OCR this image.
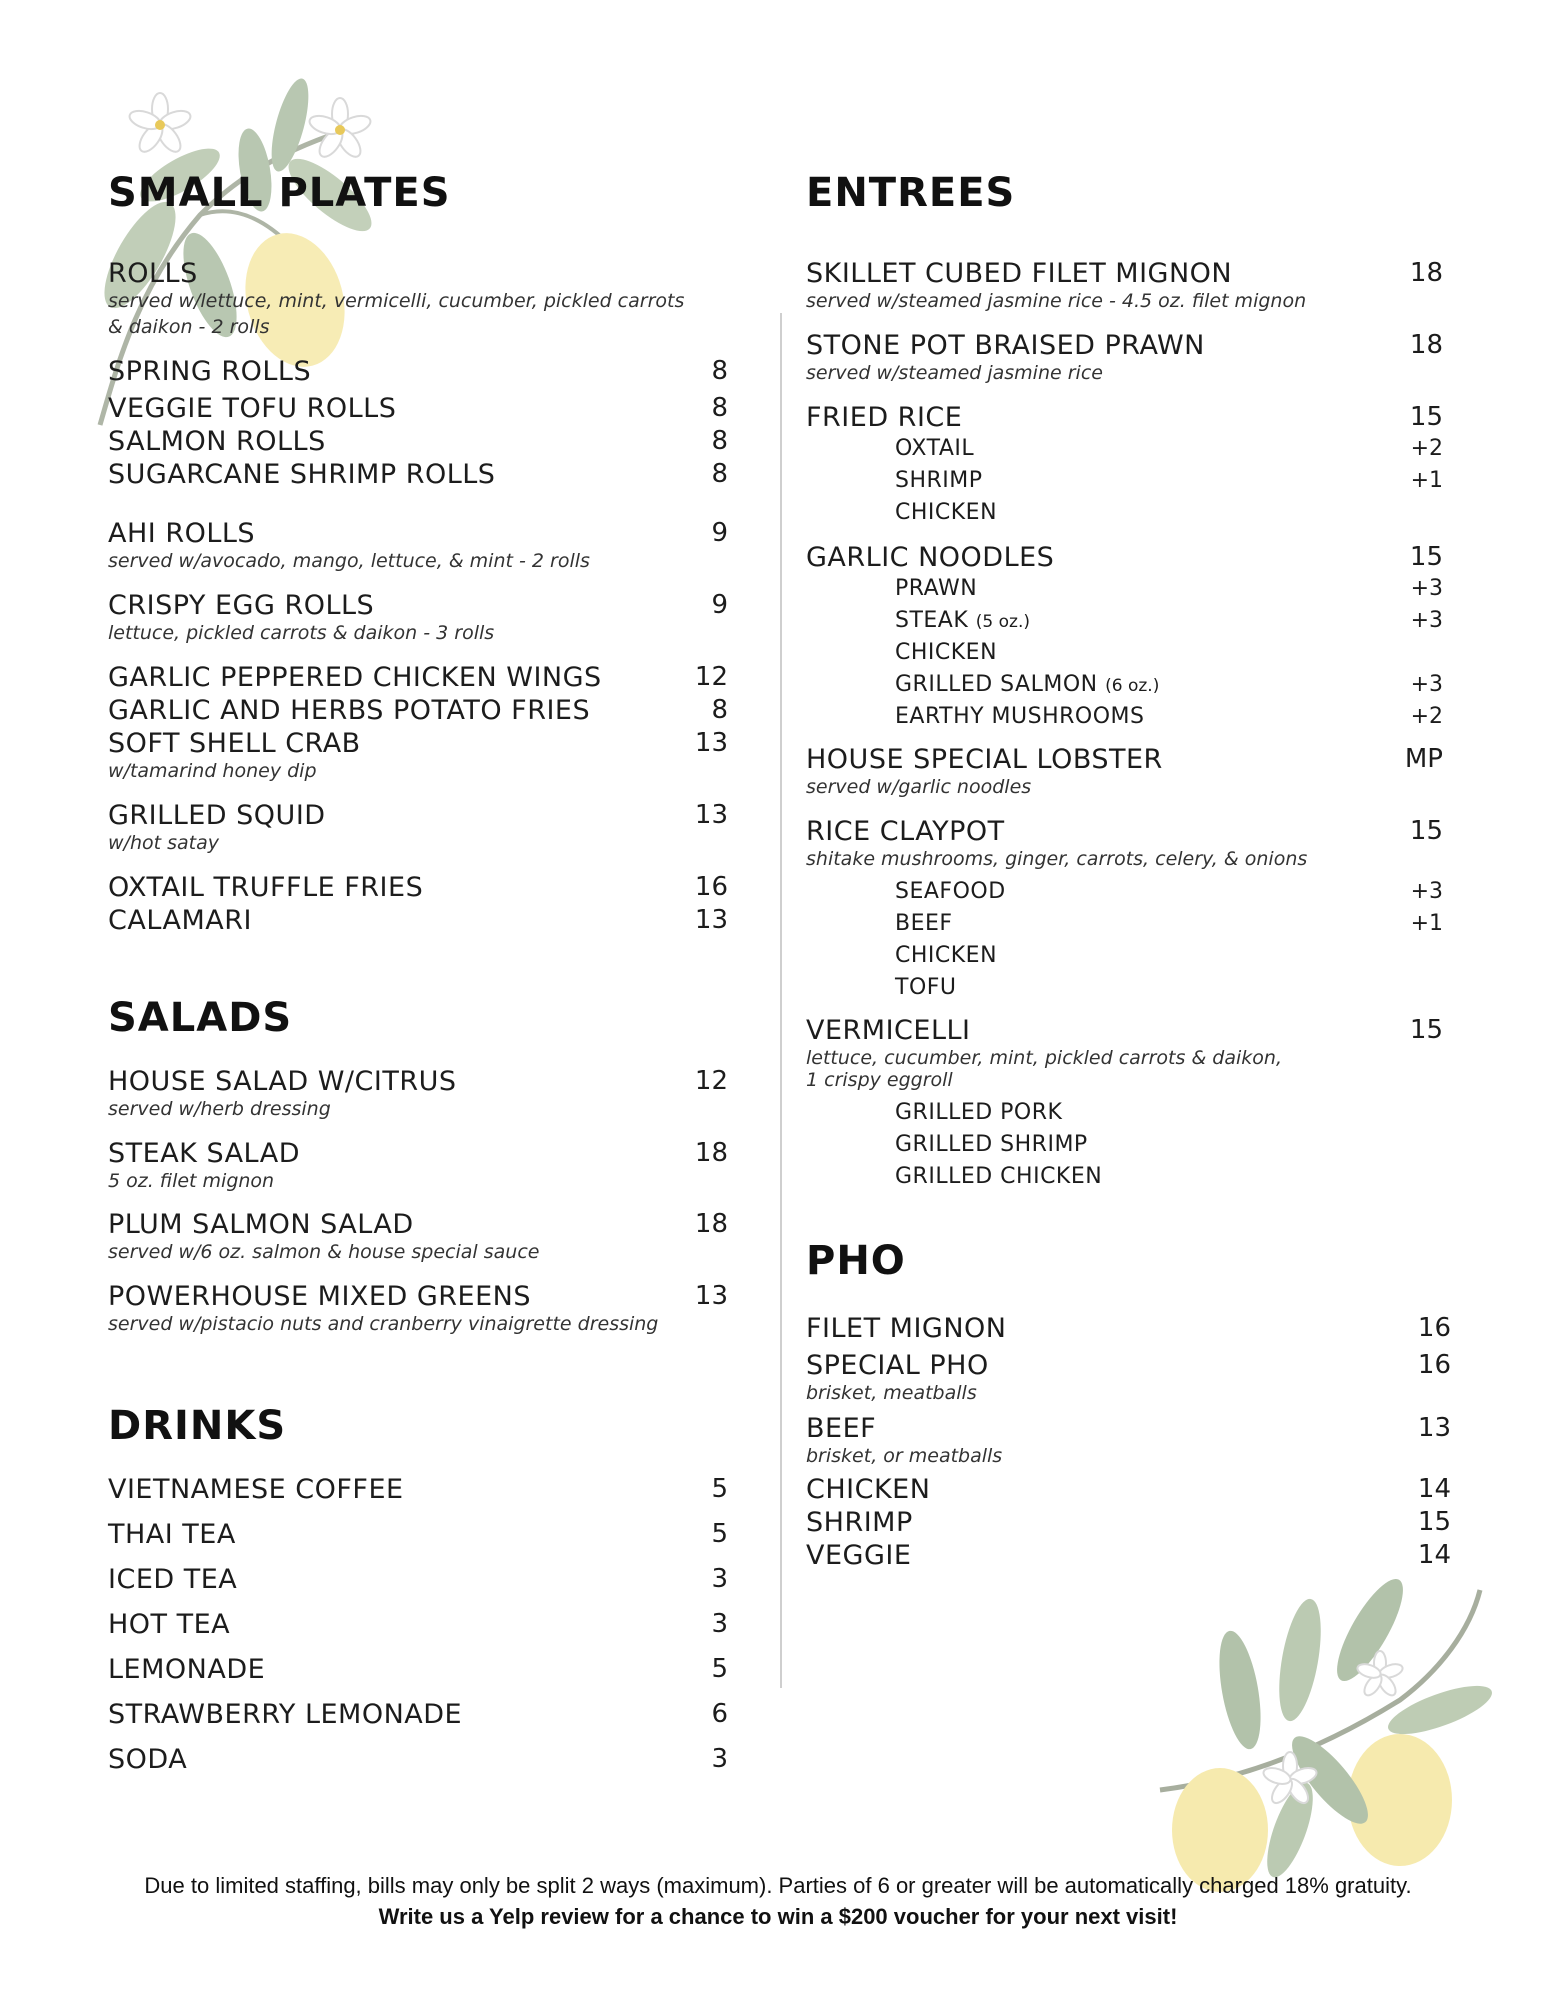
SMALL PLATES
ROLLS
served w/lettuce, mint, vermicelli, cucumber, pickled carrots
& daikon - 2 rolls
SPRING ROLLS	8
VEGGIE TOFU ROLLS	8
SALMON ROLLS	8
SUGARCANE SHRIMP ROLLS	8
AHI ROLLS	9
served w/avocado, mango, lettuce, & mint - 2 rolls
CRISPY EGG ROLLS	9
lettuce, pickled carrots & daikon - 3 rolls
GARLIC PEPPERED CHICKEN WINGS	12
GARLIC AND HERBS POTATO FRIES	8
SOFT SHELL CRAB	13
w/tamarind honey dip
GRILLED SQUID	13
w/hot satay
OXTAIL TRUFFLE FRIES	16
CALAMARI	13
SALADS
HOUSE SALAD W/CITRUS	12
served w/herb dressing
STEAK SALAD	18
5 oz. filet mignon
PLUM SALMON SALAD	18
served w/6 oz. salmon & house special sauce
POWERHOUSE MIXED GREENS	13
served w/pistacio nuts and cranberry vinaigrette dressing
DRINKS
VIETNAMESE COFFEE	5
THAI TEA	5
ICED TEA	3
HOT TEA	3
LEMONADE	5
STRAWBERRY LEMONADE	6
SODA	3
ENTREES
SKILLET CUBED FILET MIGNON	18
served w/steamed jasmine rice - 4.5 oz. filet mignon
STONE POT BRAISED PRAWN	18
served w/steamed jasmine rice
FRIED RICE	15
OXTAIL	+2
SHRIMP	+1
CHICKEN
GARLIC NOODLES	15
PRAWN	+3
STEAK (5 oz.)	+3
CHICKEN
GRILLED SALMON (6 oz.)	+3
EARTHY MUSHROOMS	+2
HOUSE SPECIAL LOBSTER	MP
served w/garlic noodles
RICE CLAYPOT	15
shitake mushrooms, ginger, carrots, celery, & onions
SEAFOOD	+3
BEEF	+1
CHICKEN
TOFU
VERMICELLI	15
lettuce, cucumber, mint, pickled carrots & daikon,
1 crispy eggroll
GRILLED PORK
GRILLED SHRIMP
GRILLED CHICKEN
PHO
FILET MIGNON	16
SPECIAL PHO	16
brisket, meatballs
BEEF	13
brisket, or meatballs
CHICKEN	14
SHRIMP	15
VEGGIE	14
Due to limited staffing, bills may only be split 2 ways (maximum). Parties of 6 or greater will be automatically charged 18% gratuity.
Write us a Yelp review for a chance to win a $200 voucher for your next visit!
